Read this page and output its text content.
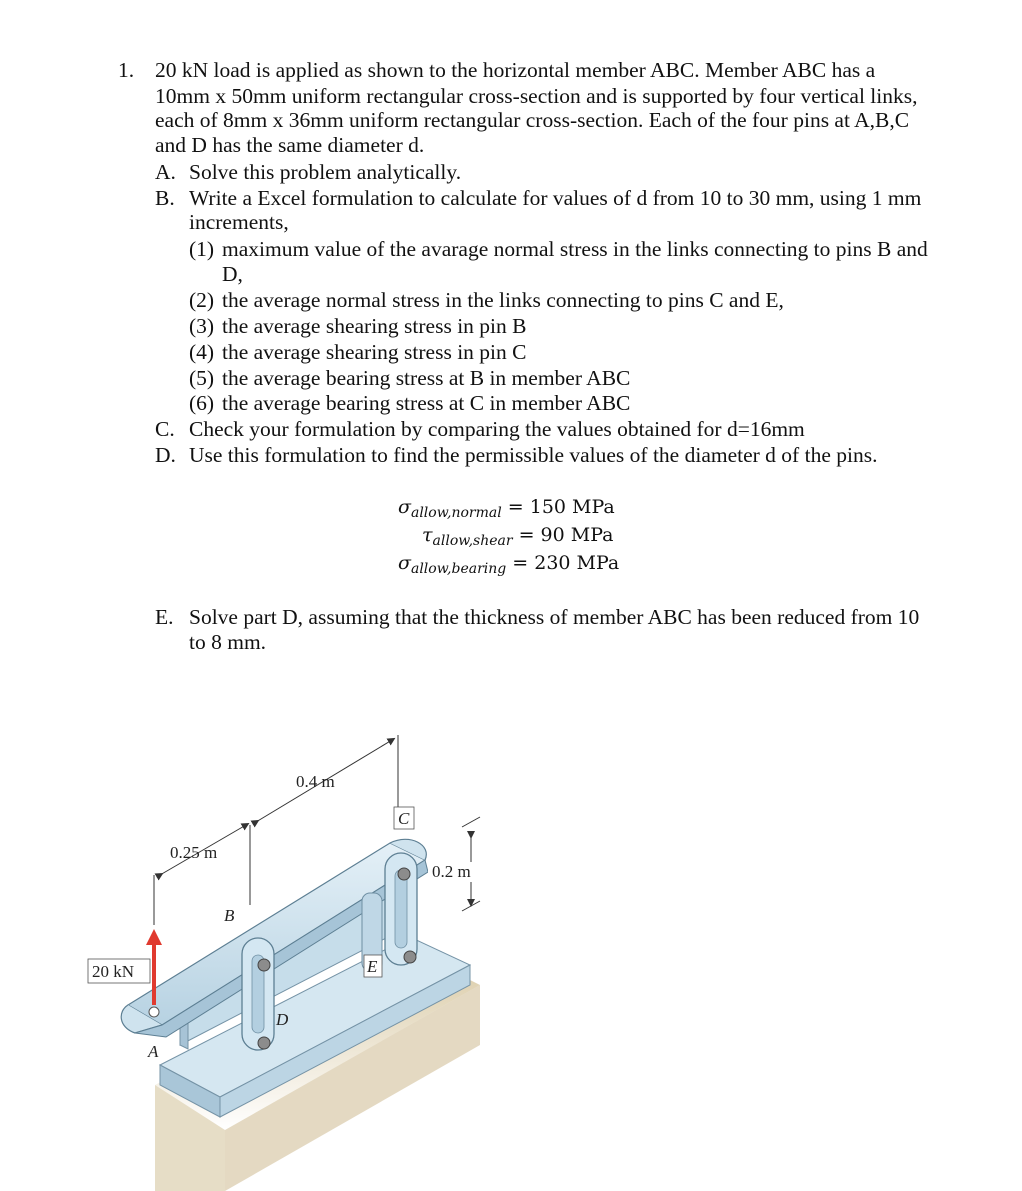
1. 20 kN load is applied as shown to the horizontal member ABC. Member ABC has a
10mm x 50mm uniform rectangular cross-section and is supported by four vertical links,
each of 8mm x 36mm uniform rectangular cross-section. Each of the four pins at A,B,C
and D has the same diameter d.
A. Solve this problem analytically.
B. Write a Excel formulation to calculate for values of d from 10 to 30 mm, using 1 mm
increments,
(1) maximum value of the avarage normal stress in the links connecting to pins B and
D,
(2) the average normal stress in the links connecting to pins C and E,
(3) the average shearing stress in pin B
(4) the average shearing stress in pin C
(5) the average bearing stress at B in member ABC
(6) the average bearing stress at C in member ABC
C. Check your formulation by comparing the values obtained for d=16mm
D. Use this formulation to find the permissible values of the diameter d of the pins.
$\sigma_{allow,normal} = 150$ MPa
$\tau_{allow,shear} = 90$ MPa
$\sigma_{allow,bearing} = 230$ MPa
E. Solve part D, assuming that the thickness of member ABC has been reduced from 10
to 8 mm.
20 kN
0.25 m
0.4 m
0.2 m
A
B
C
D
E
